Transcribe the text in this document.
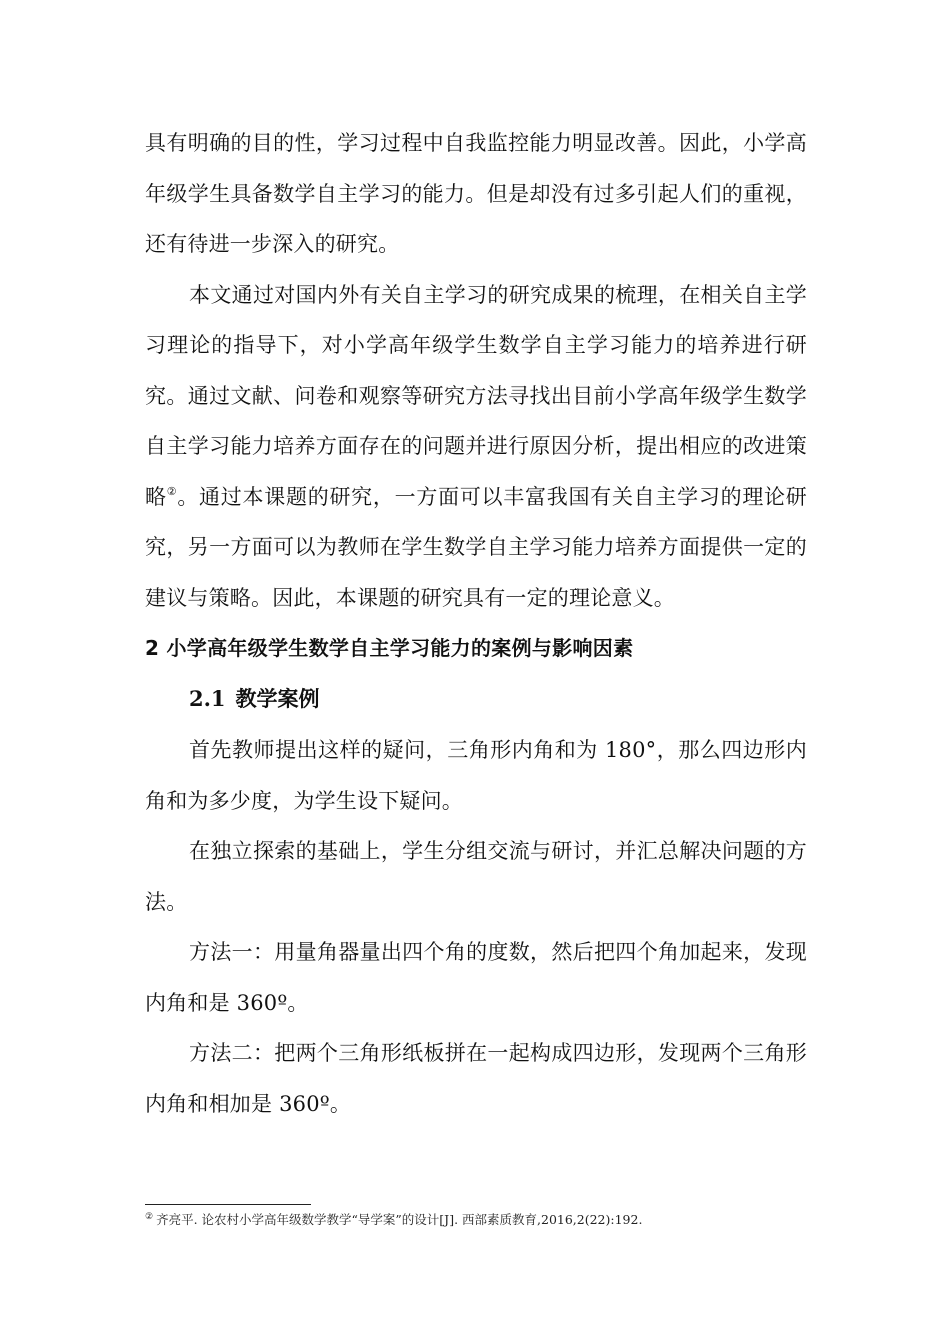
具有明确的目的性，学习过程中自我监控能力明显改善。因此，小学高年级学生具备数学自主学习的能力。但是却没有过多引起人们的重视，还有待进一步深入的研究。

本文通过对国内外有关自主学习的研究成果的梳理，在相关自主学习理论的指导下，对小学高年级学生数学自主学习能力的培养进行研究。通过文献、问卷和观察等研究方法寻找出目前小学高年级学生数学自主学习能力培养方面存在的问题并进行原因分析，提出相应的改进策略②。通过本课题的研究，一方面可以丰富我国有关自主学习的理论研究，另一方面可以为教师在学生数学自主学习能力培养方面提供一定的建议与策略。因此，本课题的研究具有一定的理论意义。

2 小学高年级学生数学自主学习能力的案例与影响因素
2.1 教学案例

首先教师提出这样的疑问，三角形内角和为 180°，那么四边形内角和为多少度，为学生设下疑问。

在独立探索的基础上，学生分组交流与研讨，并汇总解决问题的方法。

方法一：用量角器量出四个角的度数，然后把四个角加起来，发现内角和是 360º。

方法二：把两个三角形纸板拼在一起构成四边形，发现两个三角形内角和相加是 360º。

② 齐亮平. 论农村小学高年级数学教学“导学案”的设计[J]. 西部素质教育,2016,2(22):192.
